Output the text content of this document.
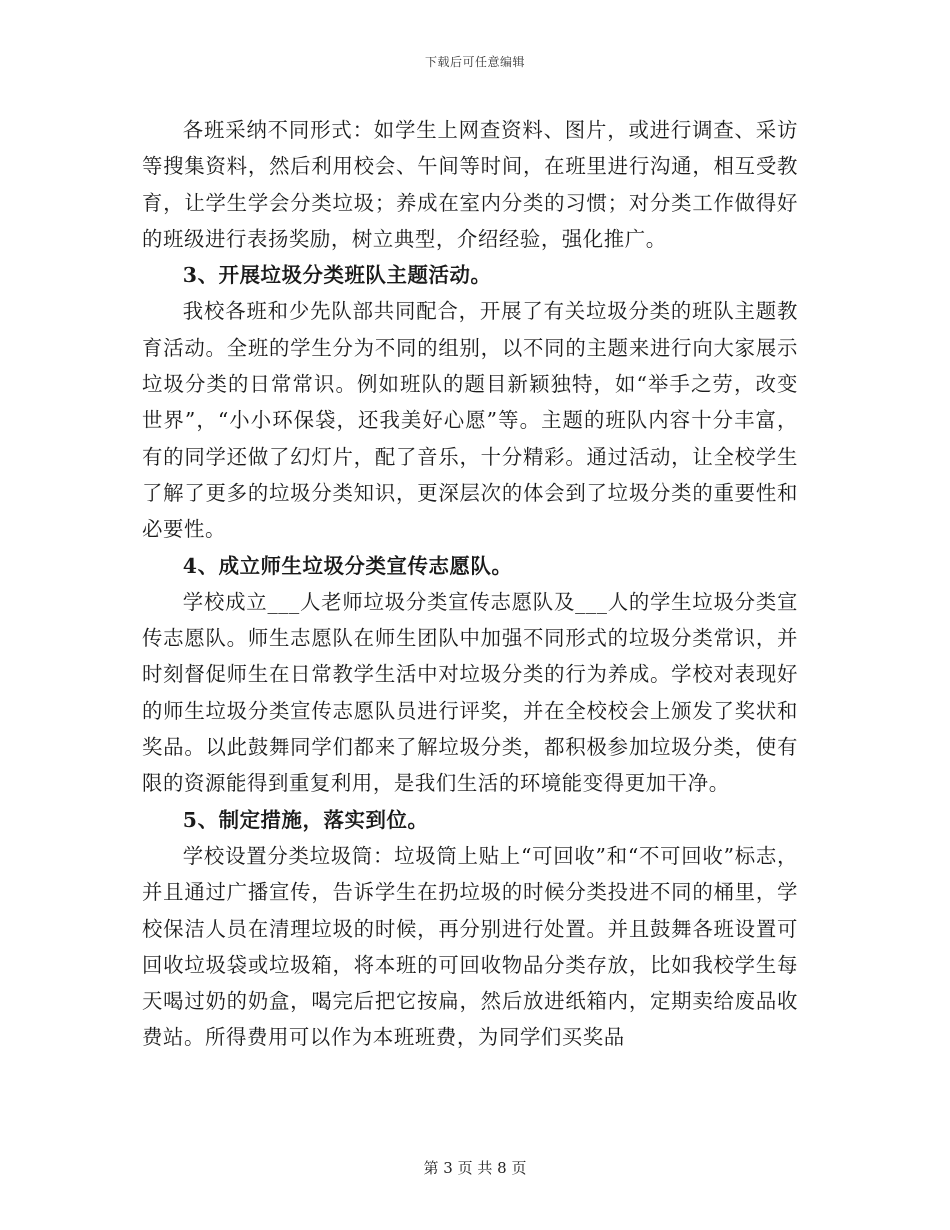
下载后可任意编辑

各班采纳不同形式：如学生上网查资料、图片，或进行调查、采访等搜集资料，然后利用校会、午间等时间，在班里进行沟通，相互受教育，让学生学会分类垃圾；养成在室内分类的习惯；对分类工作做得好的班级进行表扬奖励，树立典型，介绍经验，强化推广。

3、开展垃圾分类班队主题活动。

我校各班和少先队部共同配合，开展了有关垃圾分类的班队主题教育活动。全班的学生分为不同的组别，以不同的主题来进行向大家展示垃圾分类的日常常识。例如班队的题目新颖独特，如“举手之劳，改变世界”，“小小环保袋，还我美好心愿”等。主题的班队内容十分丰富，有的同学还做了幻灯片，配了音乐，十分精彩。通过活动，让全校学生了解了更多的垃圾分类知识，更深层次的体会到了垃圾分类的重要性和必要性。

4、成立师生垃圾分类宣传志愿队。

学校成立___人老师垃圾分类宣传志愿队及___人的学生垃圾分类宣传志愿队。师生志愿队在师生团队中加强不同形式的垃圾分类常识，并时刻督促师生在日常教学生活中对垃圾分类的行为养成。学校对表现好的师生垃圾分类宣传志愿队员进行评奖，并在全校校会上颁发了奖状和奖品。以此鼓舞同学们都来了解垃圾分类，都积极参加垃圾分类，使有限的资源能得到重复利用，是我们生活的环境能变得更加干净。

5、制定措施，落实到位。

学校设置分类垃圾筒：垃圾筒上贴上“可回收”和“不可回收”标志，并且通过广播宣传，告诉学生在扔垃圾的时候分类投进不同的桶里，学校保洁人员在清理垃圾的时候，再分别进行处置。并且鼓舞各班设置可回收垃圾袋或垃圾箱，将本班的可回收物品分类存放，比如我校学生每天喝过奶的奶盒，喝完后把它按扁，然后放进纸箱内，定期卖给废品收费站。所得费用可以作为本班班费，为同学们买奖品

第 3 页 共 8 页
